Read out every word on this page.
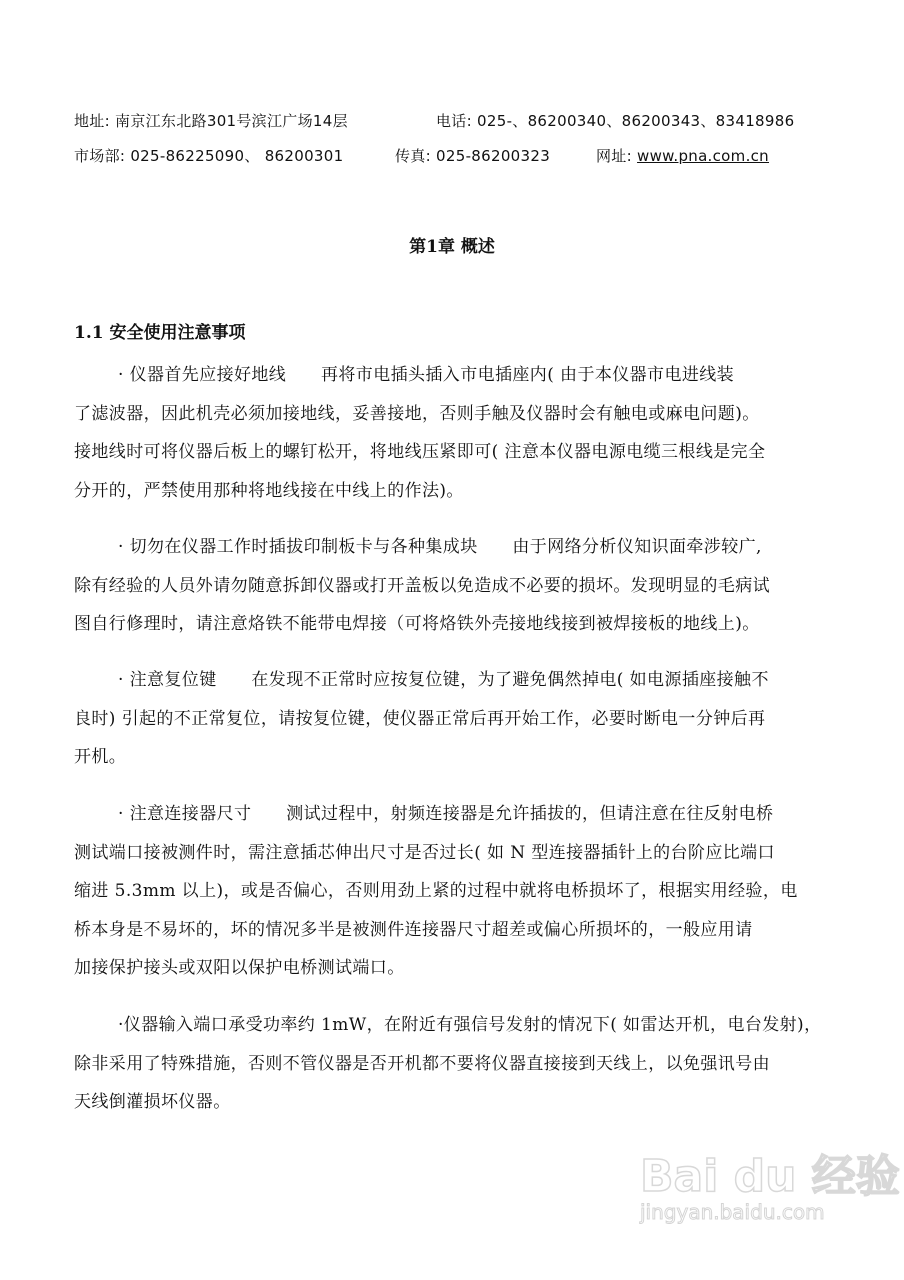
地址: 南京江东北路301号滨江广场14层	电话: 025-、86200340、86200343、83418986
市场部: 025-86225090、 86200301	传真: 025-86200323	网址: www.pna.com.cn
第1章 概述
1.1 安全使用注意事项
· 仪器首先应接好地线　　再将市电插头插入市电插座内( 由于本仪器市电进线装
了滤波器，因此机壳必须加接地线，妥善接地，否则手触及仪器时会有触电或麻电问题)。
接地线时可将仪器后板上的螺钉松开，将地线压紧即可( 注意本仪器电源电缆三根线是完全
分开的，严禁使用那种将地线接在中线上的作法)。
· 切勿在仪器工作时插拔印制板卡与各种集成块　　由于网络分析仪知识面牵涉较广,
除有经验的人员外请勿随意拆卸仪器或打开盖板以免造成不必要的损坏。发现明显的毛病试
图自行修理时，请注意烙铁不能带电焊接（可将烙铁外壳接地线接到被焊接板的地线上)。
· 注意复位键　　在发现不正常时应按复位键，为了避免偶然掉电( 如电源插座接触不
良时) 引起的不正常复位，请按复位键，使仪器正常后再开始工作，必要时断电一分钟后再
开机。
· 注意连接器尺寸　　测试过程中，射频连接器是允许插拔的，但请注意在往反射电桥
测试端口接被测件时，需注意插芯伸出尺寸是否过长( 如 N 型连接器插针上的台阶应比端口
缩进 5.3mm 以上)，或是否偏心，否则用劲上紧的过程中就将电桥损坏了，根据实用经验，电
桥本身是不易坏的，坏的情况多半是被测件连接器尺寸超差或偏心所损坏的，一般应用请
加接保护接头或双阳以保护电桥测试端口。
·仪器输入端口承受功率约 1mW，在附近有强信号发射的情况下( 如雷达开机，电台发射)，
除非采用了特殊措施，否则不管仪器是否开机都不要将仪器直接接到天线上，以免强讯号由
天线倒灌损坏仪器。
Bai du 经验
jingyan.baidu.com
